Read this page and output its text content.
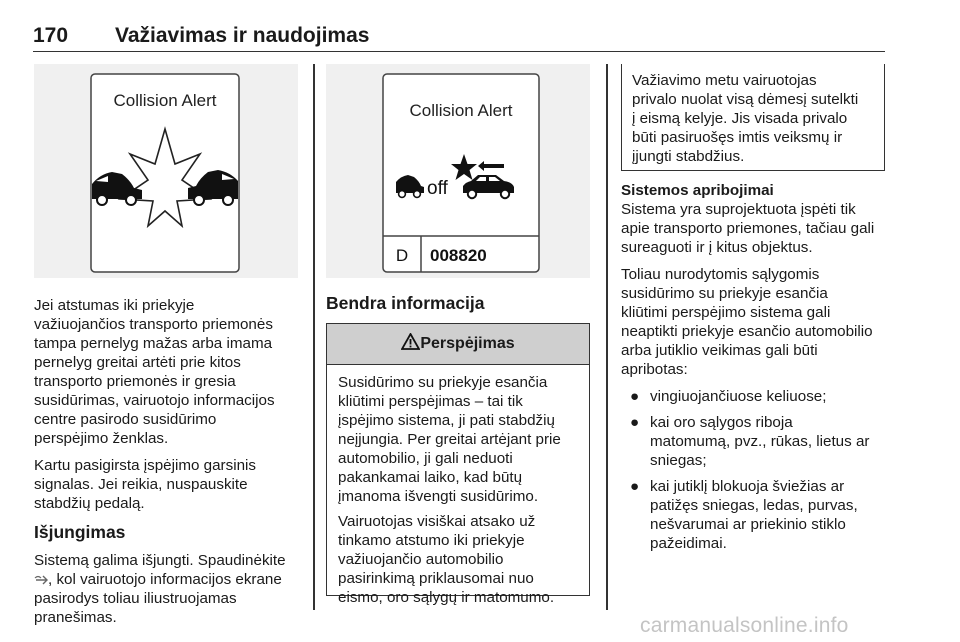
170 Važiavimas ir naudojimas
Collision Alert

Jei atstumas iki priekyje
važiuojančios transporto priemonės
tampa pernelyg mažas arba imama
pernelyg greitai artėti prie kitos
transporto priemonės ir gresia
susidūrimas, vairuotojo informacijos
centre pasirodo susidūrimo
perspėjimo ženklas.

Kartu pasigirsta įspėjimo garsinis
signalas. Jei reikia, nuspauskite
stabdžių pedalą.

Išjungimas

Sistemą galima išjungti. Spaudinėkite
, kol vairuotojo informacijos ekrane
pasirodys toliau iliustruojamas
pranešimas.

Collision Alert
off
D 008820
Bendra informacija
Perspėjimas

Susidūrimo su priekyje esančia
kliūtimi perspėjimas – tai tik
įspėjimo sistema, ji pati stabdžių
neįjungia. Per greitai artėjant prie
automobilio, ji gali neduoti
pakankamai laiko, kad būtų
įmanoma išvengti susidūrimo.

Vairuotojas visiškai atsako už
tinkamo atstumo iki priekyje
važiuojančio automobilio
pasirinkimą priklausomai nuo
eismo, oro sąlygų ir matomumo.

Važiavimo metu vairuotojas
privalo nuolat visą dėmesį sutelkti
į eismą kelyje. Jis visada privalo
būti pasiruošęs imtis veiksmų ir
įjungti stabdžius.
Sistemos apribojimai

Sistema yra suprojektuota įspėti tik
apie transporto priemones, tačiau gali
sureaguoti ir į kitus objektus.

Toliau nurodytomis sąlygomis
susidūrimo su priekyje esančia
kliūtimi perspėjimo sistema gali
neaptikti priekyje esančio automobilio
arba jutiklio veikimas gali būti
apribotas:

● vingiuojančiuose keliuose;
● kai oro sąlygos riboja
matomumą, pvz., rūkas, lietus ar
sniegas;
● kai jutiklį blokuoja šviežias ar
patižęs sniegas, ledas, purvas,
nešvarumai ar priekinio stiklo
pažeidimai.
carmanualsonline.info
